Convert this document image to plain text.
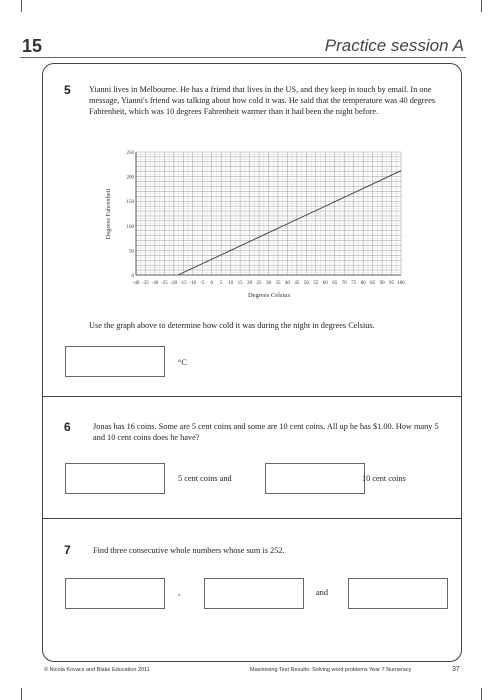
15	Practice session A
5 Yianni lives in Melbourne. He has a friend that lives in the US, and they keep in touch by email. In one message, Yianni's friend was talking about how cold it was. He said that the temperature was 40 degrees Fahrenheit, which was 10 degrees Fahrenheit warmer than it had been the night before.
-40 -35 -30 -25 -20 -15 -10 -5 0 5 10 15 20 25 30 35 40 45 50 55 60 65 70 75 80 85 90 95 100
0
50
100
150
200
250
Degrees Celsius
Degrees Fahrenheit
Use the graph above to determine how cold it was during the night in degrees Celsius.
°C
6	Jonas has 16 coins. Some are 5 cent coins and some are 10 cent coins. All up he has $1.00. How many 5 and 10 cent coins does he have?
5 cent coins and	10 cent coins
7	Find three consecutive whole numbers whose sum is 252.
,	and
© Nicola Kovacs and Blake Education 2011	Maximising Test Results: Solving word problems Year 7 Numeracy	37
